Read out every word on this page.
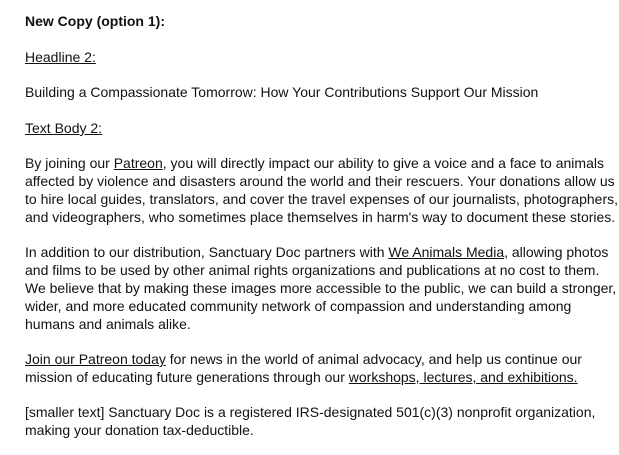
New Copy (option 1):
Headline 2:
Building a Compassionate Tomorrow: How Your Contributions Support Our Mission
Text Body 2:
By joining our Patreon, you will directly impact our ability to give a voice and a face to animals
affected by violence and disasters around the world and their rescuers. Your donations allow us
to hire local guides, translators, and cover the travel expenses of our journalists, photographers,
and videographers, who sometimes place themselves in harm's way to document these stories.
In addition to our distribution, Sanctuary Doc partners with We Animals Media, allowing photos
and films to be used by other animal rights organizations and publications at no cost to them.
We believe that by making these images more accessible to the public, we can build a stronger,
wider, and more educated community network of compassion and understanding among
humans and animals alike.
Join our Patreon today for news in the world of animal advocacy, and help us continue our
mission of educating future generations through our workshops, lectures, and exhibitions.
[smaller text] Sanctuary Doc is a registered IRS-designated 501(c)(3) nonprofit organization,
making your donation tax-deductible.
